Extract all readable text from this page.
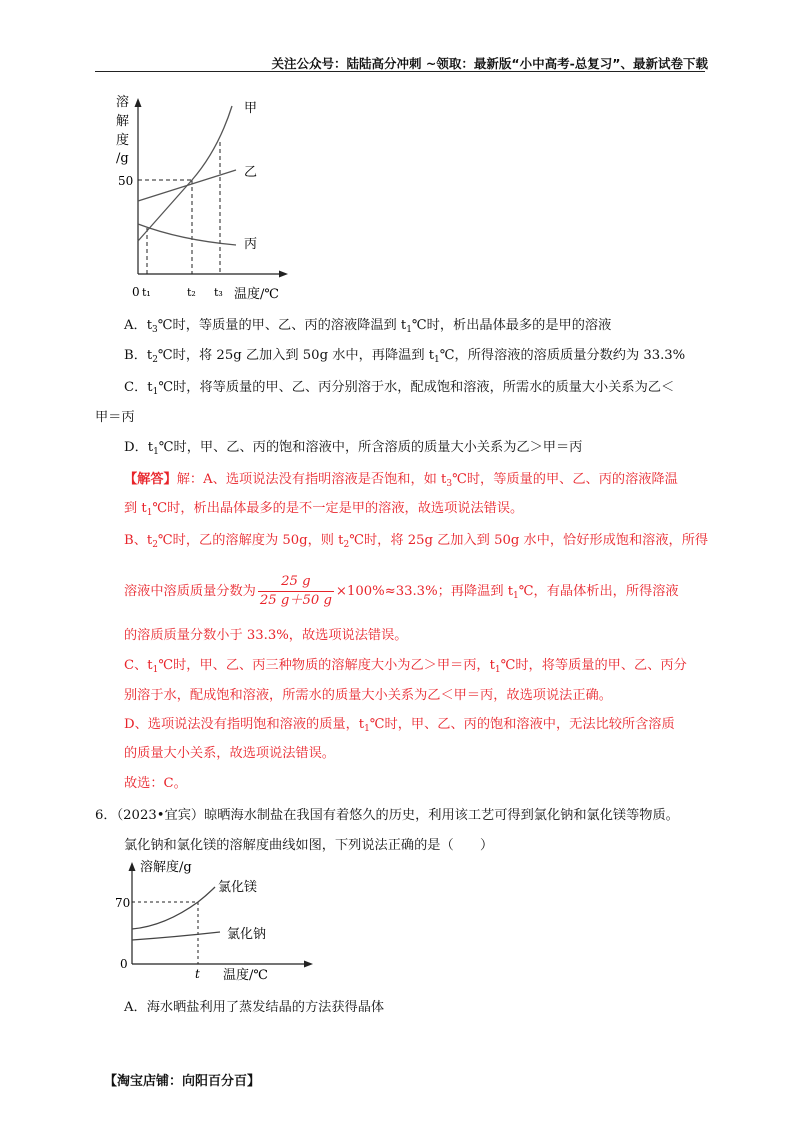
关注公众号：陆陆高分冲刺 ~领取：最新版“小中高考-总复习”、最新试卷下载
溶
解
度
/g
50
甲
乙
丙
0 t₁	t₂ t₃ 温度/℃
A．$t_3℃$时，等质量的甲、乙、丙的溶液降温到 $t_1℃$时，析出晶体最多的是甲的溶液
B．$t_2℃$时，将 25g 乙加入到 50g 水中，再降温到 $t_1℃$，所得溶液的溶质质量分数约为 33.3%
C．$t_1℃$时，将等质量的甲、乙、丙分别溶于水，配成饱和溶液，所需水的质量大小关系为乙＜
甲＝丙
D．$t_1℃$时，甲、乙、丙的饱和溶液中，所含溶质的质量大小关系为乙＞甲＝丙
【解答】解：A、选项说法没有指明溶液是否饱和，如 $t_3℃$时，等质量的甲、乙、丙的溶液降温
到 $t_1℃$时，析出晶体最多的是不一定是甲的溶液，故选项说法错误。
B、$t_2℃$时，乙的溶解度为 50g，则 $t_2℃$时，将 25g 乙加入到 50g 水中，恰好形成饱和溶液，所得
溶液中溶质质量分数为 $\frac{25 g}{25 g+50 g} \times 100\%\approx 33.3\%$；再降温到 $t_1℃$，有晶体析出，所得溶液
的溶质质量分数小于 33.3%，故选项说法错误。
C、$t_1℃$时，甲、乙、丙三种物质的溶解度大小为乙＞甲＝丙，$t_1℃$时，将等质量的甲、乙、丙分
别溶于水，配成饱和溶液，所需水的质量大小关系为乙＜甲＝丙，故选项说法正确。
D、选项说法没有指明饱和溶液的质量，$t_1℃$时，甲、乙、丙的饱和溶液中，无法比较所含溶质
的质量大小关系，故选项说法错误。
故选：C。
6．（2023•宜宾）晾晒海水制盐在我国有着悠久的历史，利用该工艺可得到氯化钠和氯化镁等物质。
氯化钠和氯化镁的溶解度曲线如图，下列说法正确的是（　　）
溶解度/g
70
氯化镁
氯化钠
0
t 温度/℃
A．海水晒盐利用了蒸发结晶的方法获得晶体
【淘宝店铺：向阳百分百】
